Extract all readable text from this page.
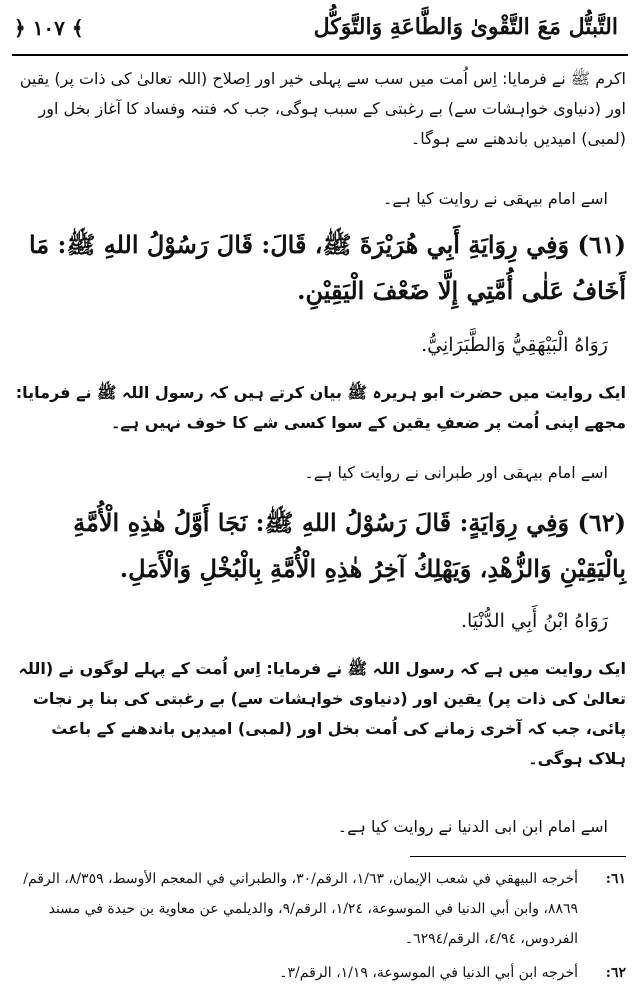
التَّبتُّل مَعَ التَّقْوىٰ وَالطَّاعَةِ وَالتَّوَكُّل
﴿ ١٠٧ ﴾
اکرم ﷺ نے فرمایا: اِس اُمت میں سب سے پہلی خیر اور اِصلاح (اللہ تعالیٰ کی ذات پر) یقین اور (دنیاوی خواہشات سے) بے رغبتی کے سبب ہوگی، جب کہ فتنہ وفساد کا آغاز بخل اور (لمبی) امیدیں باندھنے سے ہوگا۔
اسے امام بیہقی نے روایت کیا ہے۔
(٦١) وَفِي رِوَايَةِ أَبِي هُرَيْرَةَ ﷺ، قَالَ: قَالَ رَسُوْلُ اللهِ ﷺ: مَا أَخَافُ عَلٰى أُمَّتِي إِلَّا ضَعْفَ الْيَقِيْنِ.
رَوَاهُ الْبَيْهَقِيُّ وَالطَّبَرَانِيُّ.
ایک روایت میں حضرت ابو ہریرہ ﷺ بیان کرتے ہیں کہ رسول اللہ ﷺ نے فرمایا: مجھے اپنی اُمت پر ضعفِ یقین کے سوا کسی شے کا خوف نہیں ہے۔
اسے امام بیہقی اور طبرانی نے روایت کیا ہے۔
(٦٢) وَفِي رِوَايَةٍ: قَالَ رَسُوْلُ اللهِ ﷺ: نَجَا أَوَّلُ هٰذِهِ الْأُمَّةِ بِالْيَقِيْنِ وَالزُّهْدِ، وَيَهْلِكُ آخِرُ هٰذِهِ الْأُمَّةِ بِالْبُخْلِ وَالْأَمَلِ.
رَوَاهُ ابْنُ أَبِي الدُّنْيَا.
ایک روایت میں ہے کہ رسول اللہ ﷺ نے فرمایا: اِس اُمت کے پہلے لوگوں نے (اللہ تعالیٰ کی ذات پر) یقین اور (دنیاوی خواہشات سے) بے رغبتی کی بنا پر نجات پائی، جب کہ آخری زمانے کی اُمت بخل اور (لمبی) امیدیں باندھنے کے باعث ہلاک ہوگی۔
اسے امام ابن ابی الدنیا نے روایت کیا ہے۔
٦١:
أخرجه البيهقي في شعب الإيمان، ١/٦٣، الرقم/٣٠، والطبراني في المعجم الأوسط، ٨/٣٥٩، الرقم/٨٨٦٩، وابن أبي الدنيا في الموسوعة، ١/٢٤، الرقم/٩، والديلمي عن معاوية بن حيدة في مسند الفردوس، ٤/٩٤، الرقم/٦٢٩٤۔
٦٢:
أخرجه ابن أبي الدنيا في الموسوعة، ١/١٩، الرقم/٣۔
